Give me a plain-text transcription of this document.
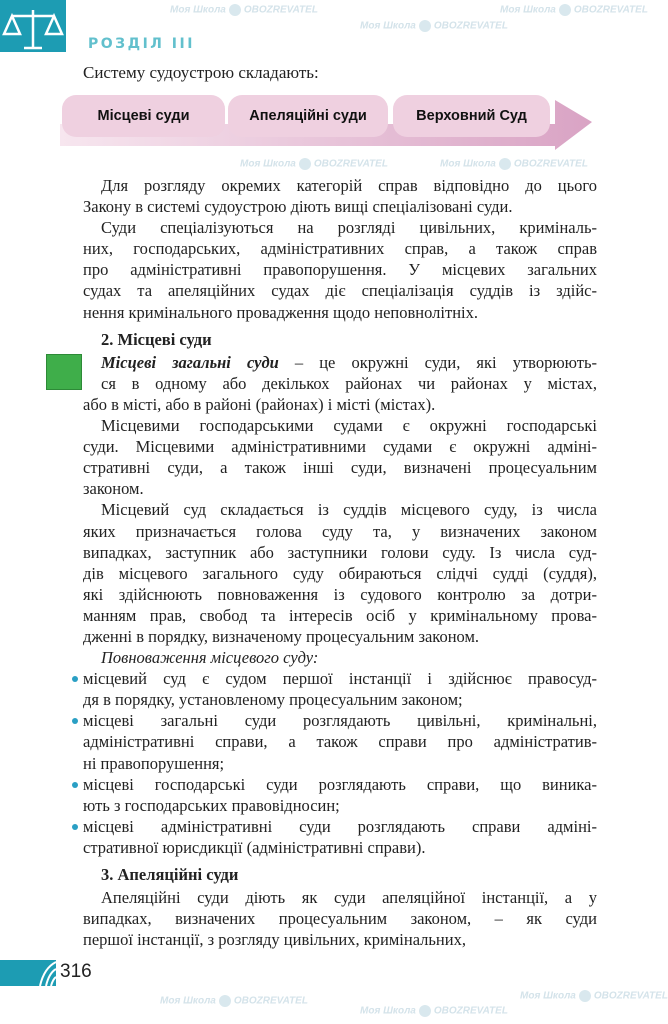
Моя Школа OBOZREVATEL
Моя Школа OBOZREVATEL
Моя Школа OBOZREVATEL
Моя Школа OBOZREVATEL	Моя Школа OBOZREVATEL
Моя Школа OBOZREVATEL
Моя Школа OBOZREVATEL
Моя Школа OBOZREVATEL
РОЗДІЛ III
Систему судоустрою складають:
Місцеві суди	Апеляційні суди	Верховний Суд
Для розгляду окремих категорій справ відповідно до цього
Закону в системі судоустрою діють вищі спеціалізовані суди.
Суди спеціалізуються на розгляді цивільних, криміналь-
них, господарських, адміністративних справ, а також справ
про адміністративні правопорушення. У місцевих загальних
судах та апеляційних судах діє спеціалізація суддів із здійс-
нення кримінального провадження щодо неповнолітніх.
2. Місцеві суди
Місцеві загальні суди – це окружні суди, які утворюють-
ся в одному або декількох районах чи районах у містах,
або в місті, або в районі (районах) і місті (містах).
Місцевими господарськими судами є окружні господарські
суди. Місцевими адміністративними судами є окружні адміні-
стративні суди, а також інші суди, визначені процесуальним
законом.
Місцевий суд складається із суддів місцевого суду, із числа
яких призначається голова суду та, у визначених законом
випадках, заступник або заступники голови суду. Із числа суд-
дів місцевого загального суду обираються слідчі судді (суддя),
які здійснюють повноваження із судового контролю за дотри-
манням прав, свобод та інтересів осіб у кримінальному прова-
дженні в порядку, визначеному процесуальним законом.
Повноваження місцевого суду:
місцевий суд є судом першої інстанції і здійснює правосуд-
дя в порядку, установленому процесуальним законом;
місцеві загальні суди розглядають цивільні, кримінальні,
адміністративні справи, а також справи про адміністратив-
ні правопорушення;
місцеві господарські суди розглядають справи, що виника-
ють з господарських правовідносин;
місцеві адміністративні суди розглядають справи адміні-
стративної юрисдикції (адміністративні справи).
3. Апеляційні суди
Апеляційні суди діють як суди апеляційної інстанції, а у
випадках, визначених процесуальним законом, – як суди
першої інстанції, з розгляду цивільних, кримінальних,
316
